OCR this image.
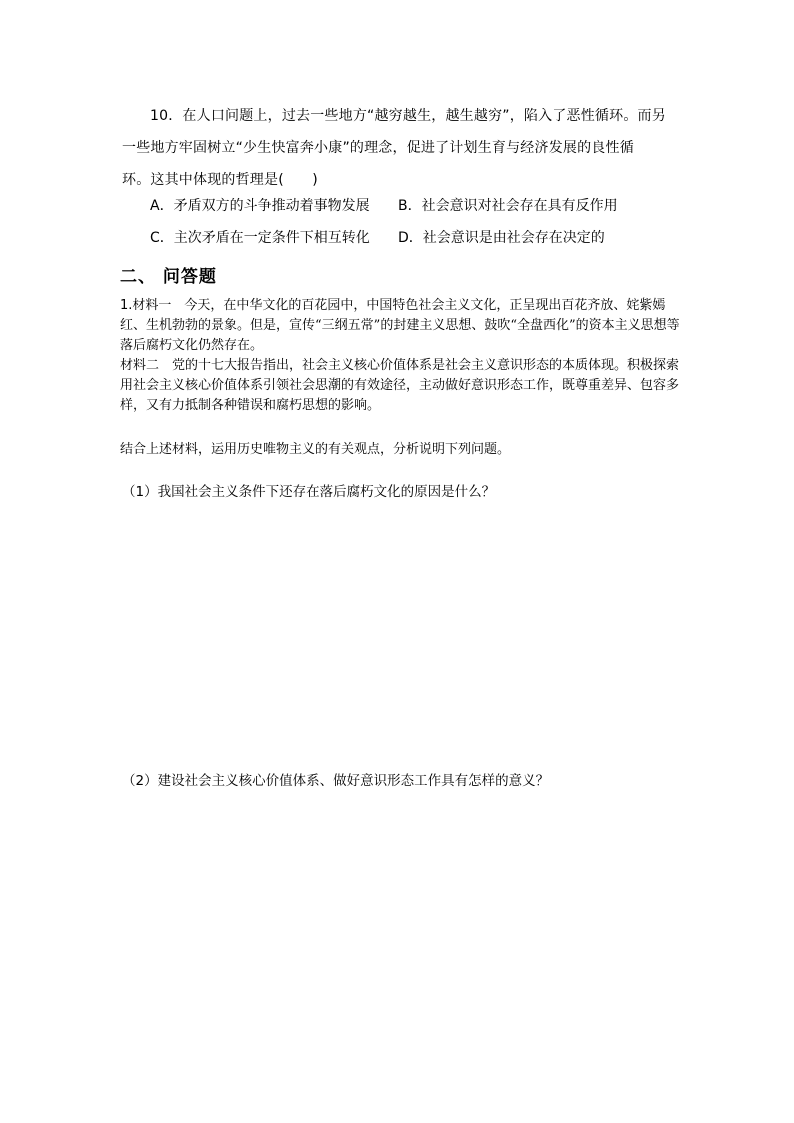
10．在人口问题上，过去一些地方“越穷越生，越生越穷”，陷入了恶性循环。而另

一些地方牢固树立“少生快富奔小康”的理念，促进了计划生育与经济发展的良性循

环。这其中体现的哲理是(　　)

A．矛盾双方的斗争推动着事物发展	B．社会意识对社会存在具有反作用
C．主次矛盾在一定条件下相互转化	D．社会意识是由社会存在决定的
二、 问答题

1.材料一　今天，在中华文化的百花园中，中国特色社会主义文化，正呈现出百花齐放、姹紫嫣红、生机勃勃的景象。但是，宣传“三纲五常”的封建主义思想、鼓吹“全盘西化”的资本主义思想等落后腐朽文化仍然存在。

材料二　党的十七大报告指出，社会主义核心价值体系是社会主义意识形态的本质体现。积极探索用社会主义核心价值体系引领社会思潮的有效途径，主动做好意识形态工作，既尊重差异、包容多样，又有力抵制各种错误和腐朽思想的影响。

结合上述材料，运用历史唯物主义的有关观点，分析说明下列问题。
（1）我国社会主义条件下还存在落后腐朽文化的原因是什么？
（2）建设社会主义核心价值体系、做好意识形态工作具有怎样的意义？
